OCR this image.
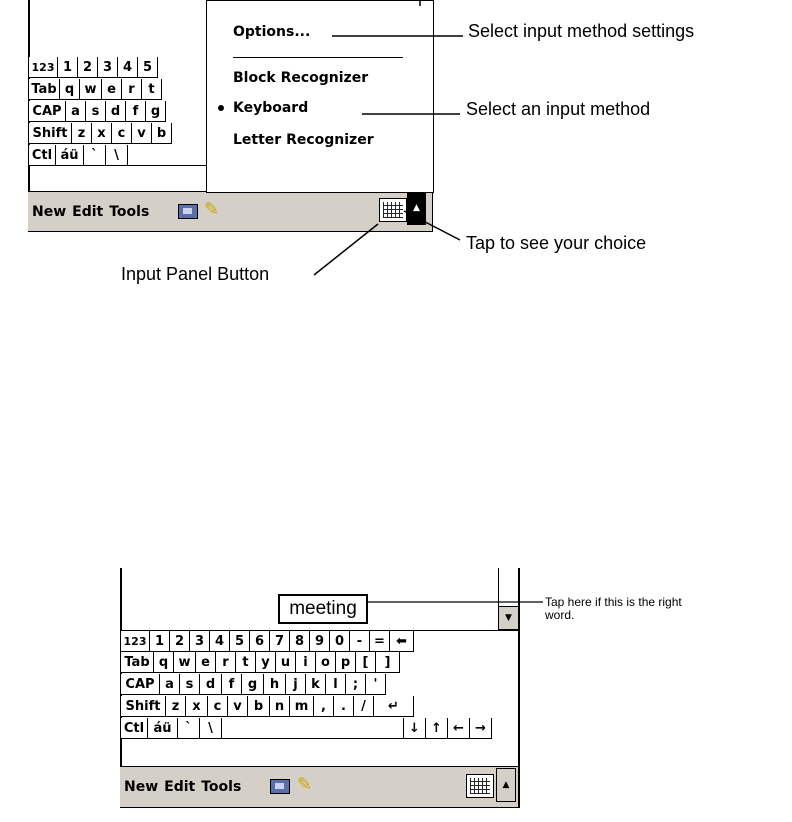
123 1 2 3 4 5
Tab q w e r	t
CAP a s d f g
Shift z x c v b
Ctl áü `	\
New Edit Tools	✎	▲
Options...
Block Recognizer
Keyboard
Letter Recognizer
Select input method settings
Select an input method
Tap to see your choice
Input Panel Button
▼
meeting
123 1 2 3 4 5 6 7 8 9 0 - = ⬅
Tab q w e r	t y u	i	o p [	]
CAP a s d	f	g h	j	k	l	;	'
Shift z	x c v b n m ,	.	/	↵
Ctl áü	`	\	↓ ↑ ← →
New Edit Tools	✎	▲
Tap here if this is the right word.
